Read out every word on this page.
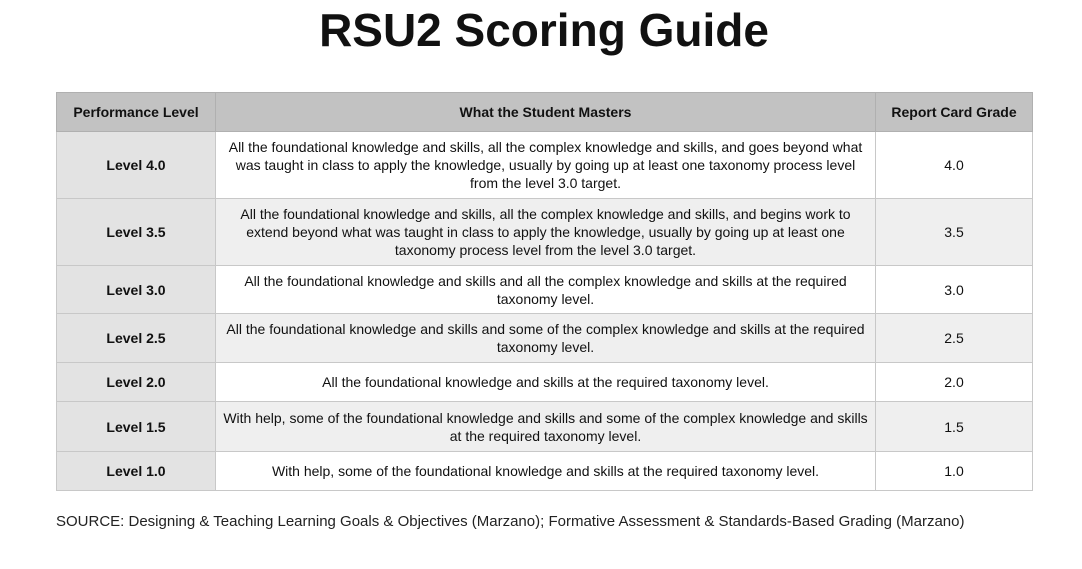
RSU2 Scoring Guide
Performance Level	What the Student Masters	Report Card Grade
Level 4.0	All the foundational knowledge and skills, all the complex knowledge and skills, and goes beyond what was taught in class to apply the knowledge, usually by going up at least one taxonomy process level from the level 3.0 target.	4.0
Level 3.5	All the foundational knowledge and skills, all the complex knowledge and skills, and begins work to extend beyond what was taught in class to apply the knowledge, usually by going up at least one taxonomy process level from the level 3.0 target.	3.5
Level 3.0	All the foundational knowledge and skills and all the complex knowledge and skills at the required taxonomy level.	3.0
Level 2.5	All the foundational knowledge and skills and some of the complex knowledge and skills at the required taxonomy level.	2.5
Level 2.0	All the foundational knowledge and skills at the required taxonomy level.	2.0
Level 1.5	With help, some of the foundational knowledge and skills and some of the complex knowledge and skills at the required taxonomy level.	1.5
Level 1.0	With help, some of the foundational knowledge and skills at the required taxonomy level.	1.0
SOURCE: Designing & Teaching Learning Goals & Objectives (Marzano); Formative Assessment & Standards-Based Grading (Marzano)
